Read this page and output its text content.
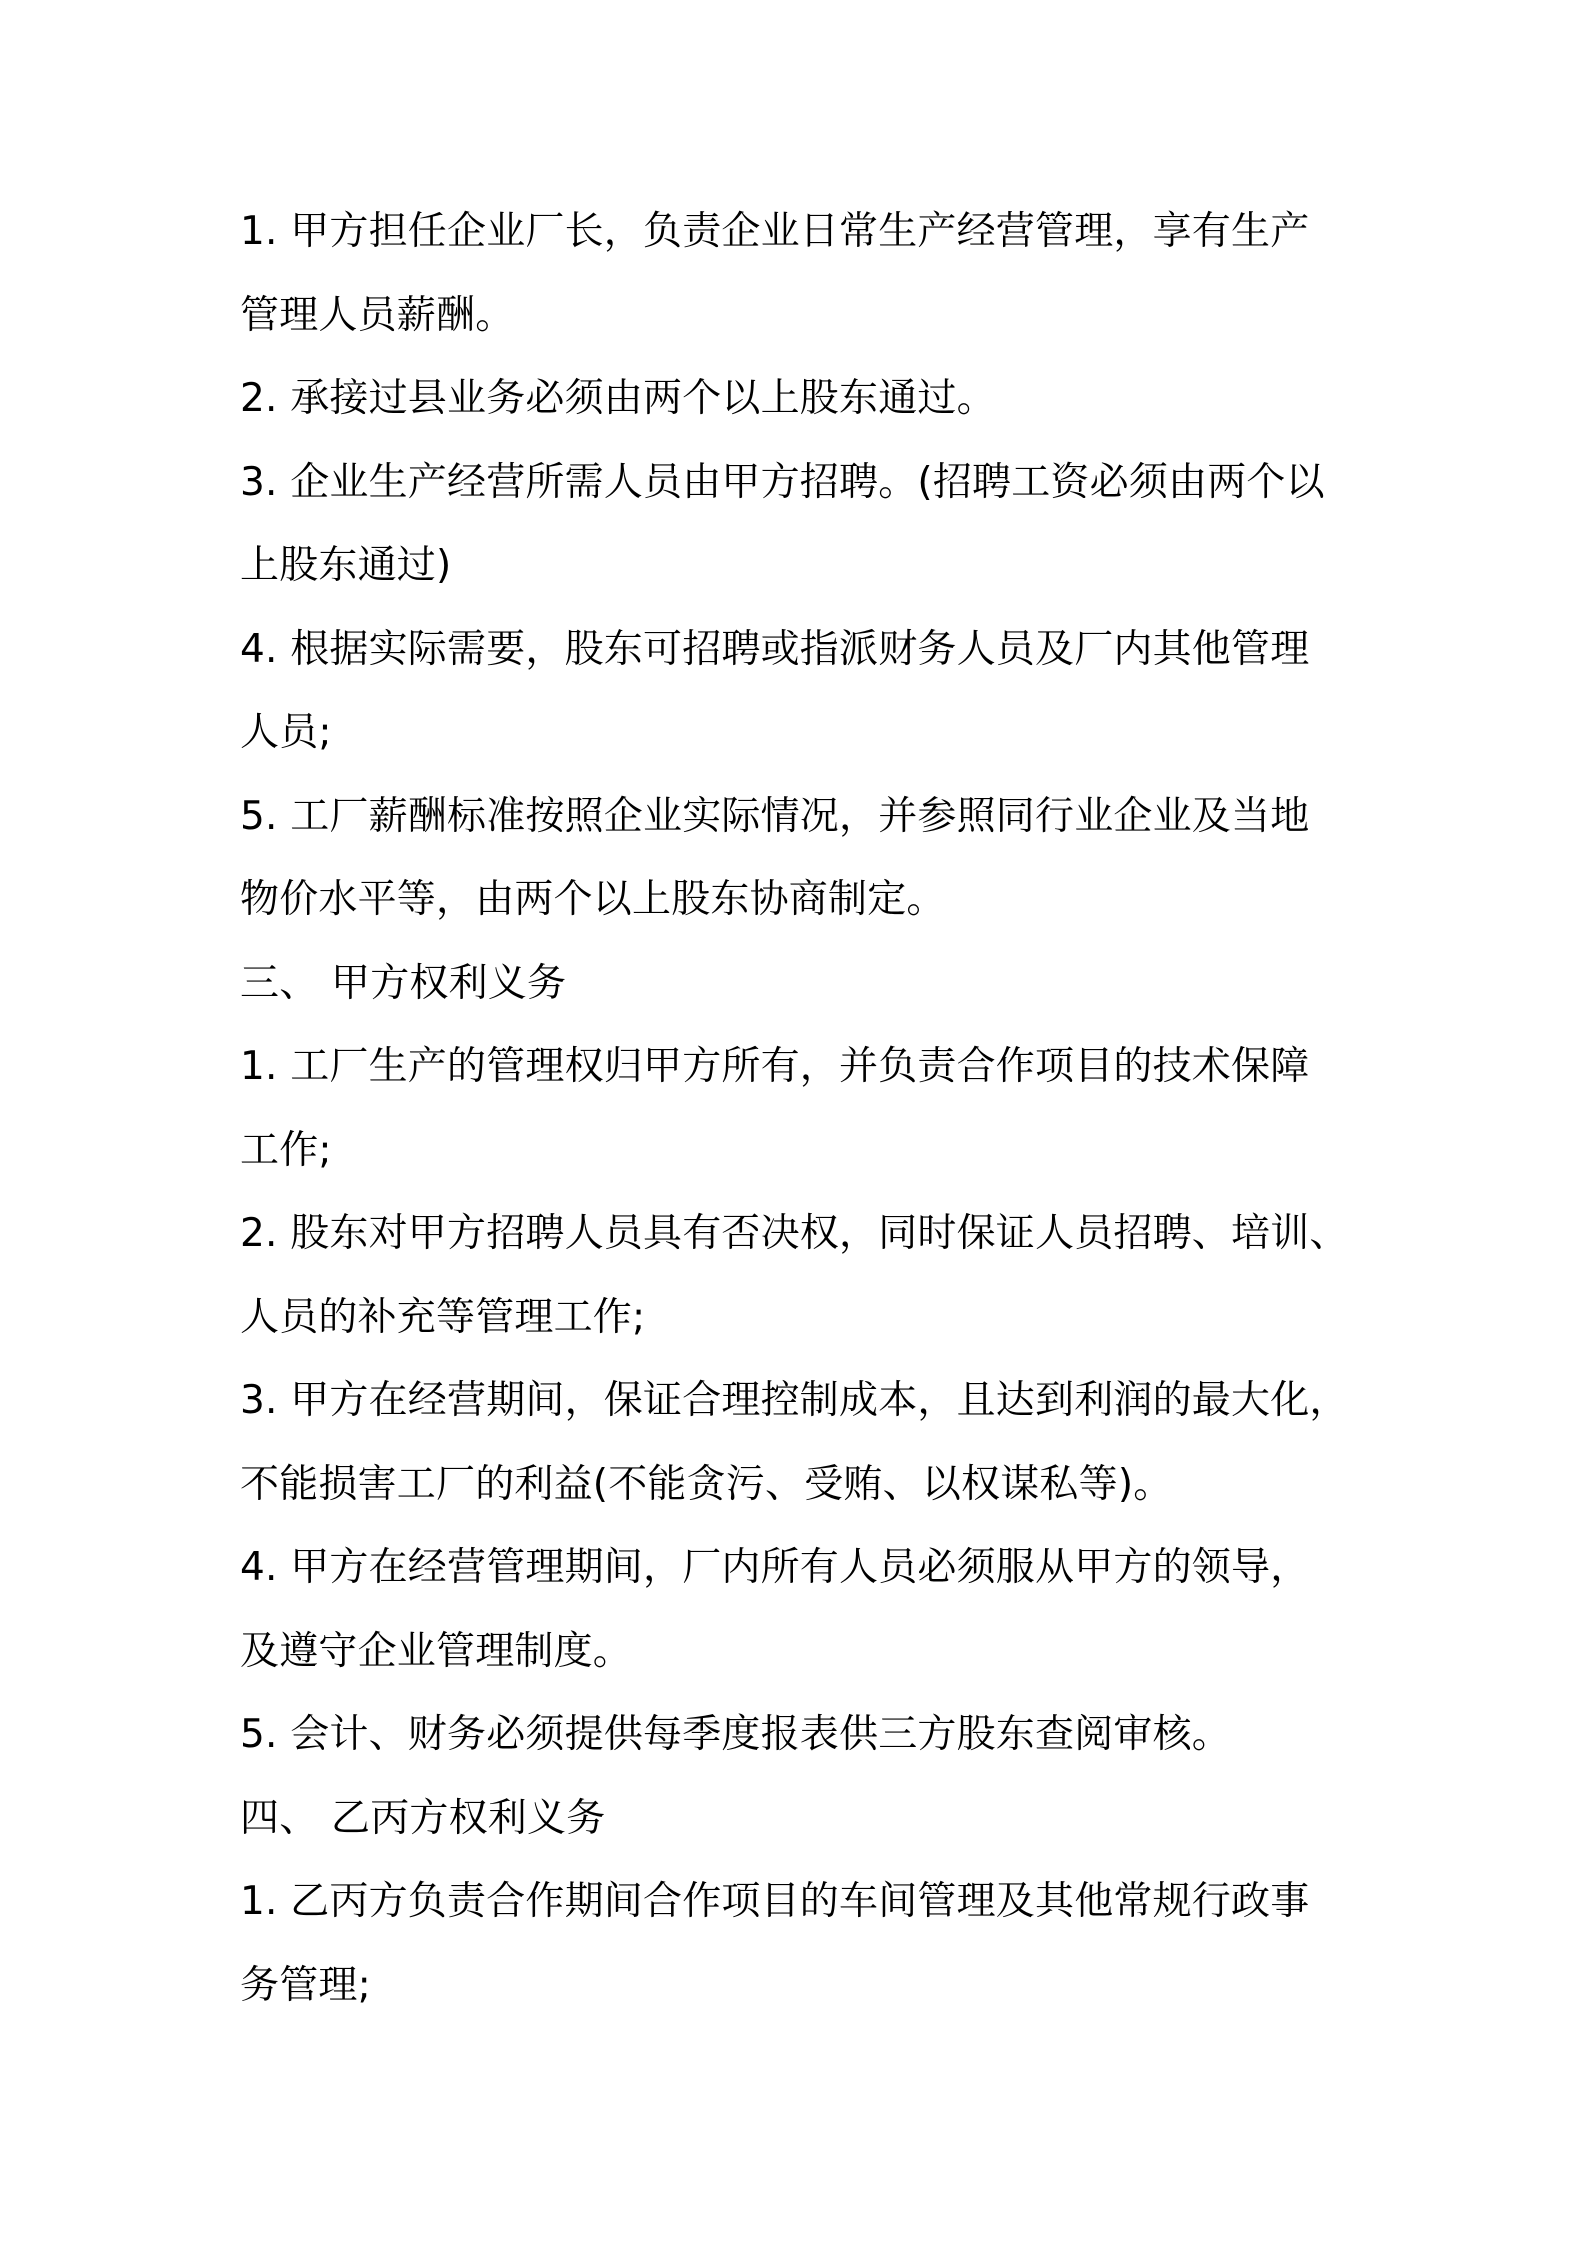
1. 甲方担任企业厂长，负责企业日常生产经营管理，享有生产
管理人员薪酬。
2. 承接过县业务必须由两个以上股东通过。
3. 企业生产经营所需人员由甲方招聘。(招聘工资必须由两个以
上股东通过)
4. 根据实际需要，股东可招聘或指派财务人员及厂内其他管理
人员;
5. 工厂薪酬标准按照企业实际情况，并参照同行业企业及当地
物价水平等，由两个以上股东协商制定。
三、 甲方权利义务
1. 工厂生产的管理权归甲方所有，并负责合作项目的技术保障
工作;
2. 股东对甲方招聘人员具有否决权，同时保证人员招聘、培训、
人员的补充等管理工作;
3. 甲方在经营期间，保证合理控制成本，且达到利润的最大化，
不能损害工厂的利益(不能贪污、受贿、以权谋私等)。
4. 甲方在经营管理期间，厂内所有人员必须服从甲方的领导，
及遵守企业管理制度。
5. 会计、财务必须提供每季度报表供三方股东查阅审核。
四、 乙丙方权利义务
1. 乙丙方负责合作期间合作项目的车间管理及其他常规行政事
务管理;
